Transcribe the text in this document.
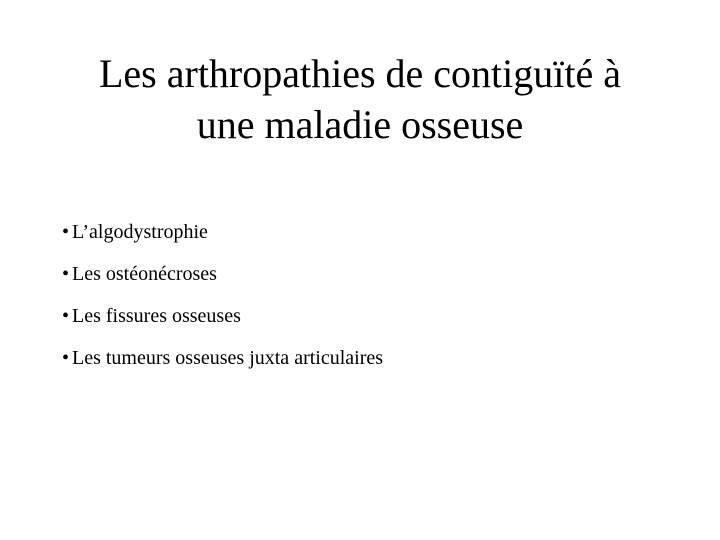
Les arthropathies de contiguïté à
une maladie osseuse
• L’algodystrophie
• Les ostéonécroses
• Les fissures osseuses
• Les tumeurs osseuses juxta articulaires
